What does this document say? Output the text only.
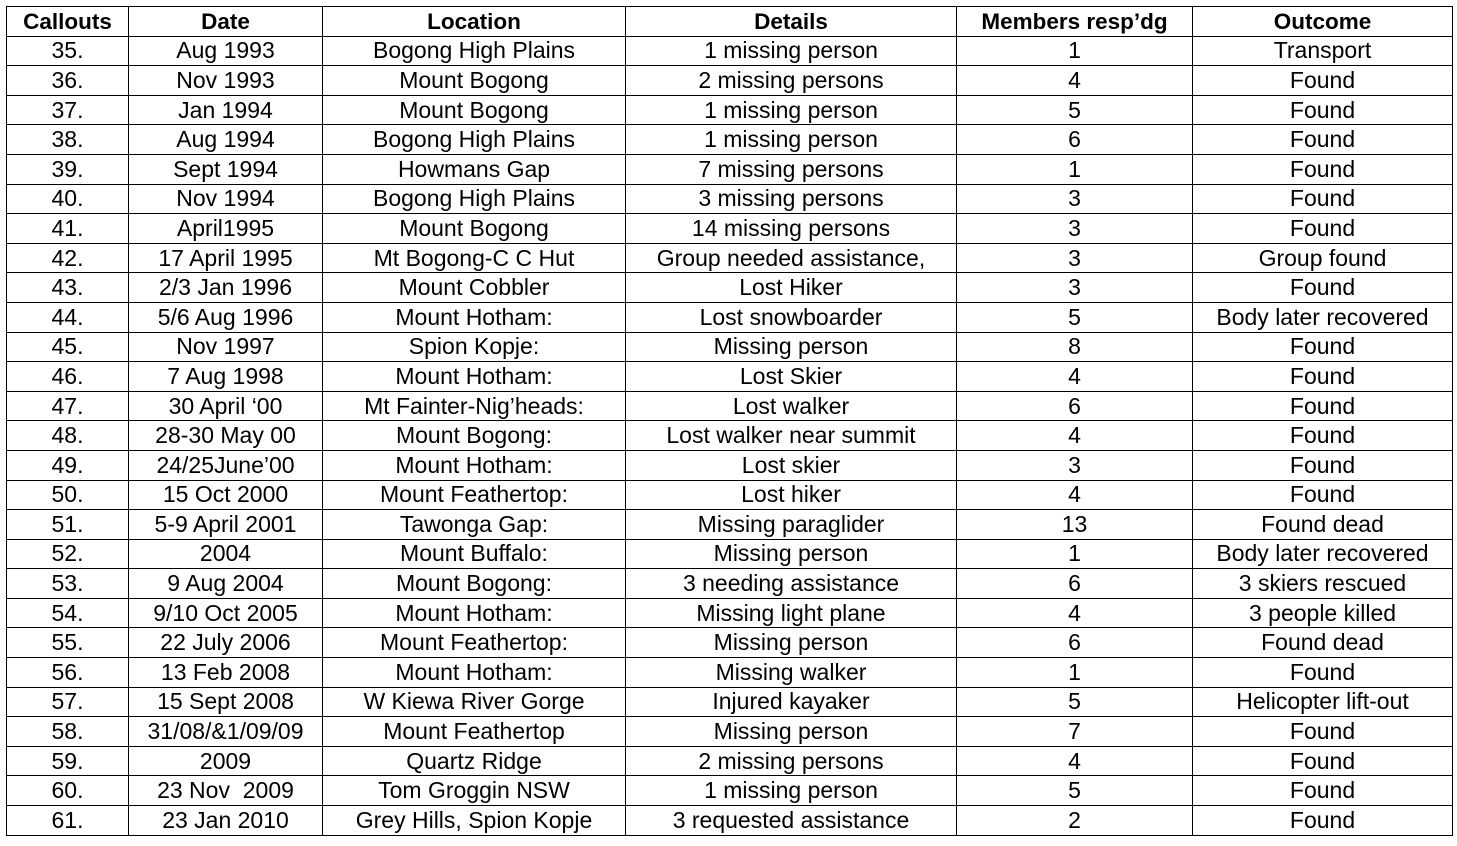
Callouts	Date	Location	Details	Members resp’dg	Outcome
35.	Aug 1993	Bogong High Plains	1 missing person	1	Transport
36.	Nov 1993	Mount Bogong	2 missing persons	4	Found
37.	Jan 1994	Mount Bogong	1 missing person	5	Found
38.	Aug 1994	Bogong High Plains	1 missing person	6	Found
39.	Sept 1994	Howmans Gap	7 missing persons	1	Found
40.	Nov 1994	Bogong High Plains	3 missing persons	3	Found
41.	April1995	Mount Bogong	14 missing persons	3	Found
42.	17 April 1995	Mt Bogong-C C Hut	Group needed assistance,	3	Group found
43.	2/3 Jan 1996	Mount Cobbler	Lost Hiker	3	Found
44.	5/6 Aug 1996	Mount Hotham:	Lost snowboarder	5	Body later recovered
45.	Nov 1997	Spion Kopje:	Missing person	8	Found
46.	7 Aug 1998	Mount Hotham:	Lost Skier	4	Found
47.	30 April ‘00	Mt Fainter-Nig’heads:	Lost walker	6	Found
48.	28-30 May 00	Mount Bogong:	Lost walker near summit	4	Found
49.	24/25June’00	Mount Hotham:	Lost skier	3	Found
50.	15 Oct 2000	Mount Feathertop:	Lost hiker	4	Found
51.	5-9 April 2001	Tawonga Gap:	Missing paraglider	13	Found dead
52.	2004	Mount Buffalo:	Missing person	1	Body later recovered
53.	9 Aug 2004	Mount Bogong:	3 needing assistance	6	3 skiers rescued
54.	9/10 Oct 2005	Mount Hotham:	Missing light plane	4	3 people killed
55.	22 July 2006	Mount Feathertop:	Missing person	6	Found dead
56.	13 Feb 2008	Mount Hotham:	Missing walker	1	Found
57.	15 Sept 2008	W Kiewa River Gorge	Injured kayaker	5	Helicopter lift-out
58.	31/08/&1/09/09	Mount Feathertop	Missing person	7	Found
59.	2009	Quartz Ridge	2 missing persons	4	Found
60.	23 Nov  2009	Tom Groggin NSW	1 missing person	5	Found
61.	23 Jan 2010	Grey Hills, Spion Kopje	3 requested assistance	2	Found
